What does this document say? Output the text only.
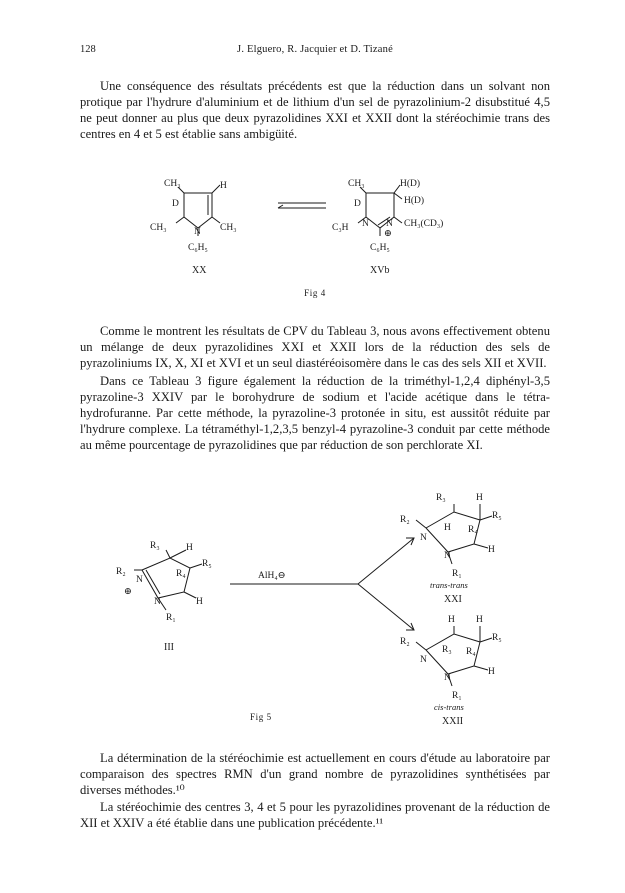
128	J. Elguero, R. Jacquier et D. Tizané

Une conséquence des résultats précédents est que la réduction dans un solvant non protique par l'hydrure d'aluminium et de lithium d'un sel de pyrazolinium-2 disubstitué 4,5 ne peut donner au plus que deux pyrazolidines XXI et XXII dont la stéréochimie trans des centres en 4 et 5 est établie sans ambigüité.

CH₃	H
D
N CH₃
CH₃
C₆H₅
XX
CH₃	H(D)
H(D)
D
N N
⊕
CH₃(CD₃)
C₃H
C₆H₅
XVb
Fig 4

Comme le montrent les résultats de CPV du Tableau 3, nous avons effectivement obtenu un mélange de deux pyrazolidines XXI et XXII lors de la réduction des sels de pyrazoliniums IX, X, XI et XVI et un seul diastéréoisomère dans le cas des sels XII et XVII.

Dans ce Tableau 3 figure également la réduction de la triméthyl-1,2,4 diphényl-3,5 pyrazoline-3 XXIV par le borohydrure de sodium et l'acide acétique dans le tétra-hydrofuranne. Par cette méthode, la pyrazoline-3 protonée in situ, est aussitôt réduite par l'hydrure complexe. La tétraméthyl-1,2,3,5 benzyl-4 pyrazoline-3 conduit par cette méthode au même pourcentage de pyrazolidines que par réduction de son perchlorate XI.

R₃	H
R₂
N
R₄
R₅
⊕
N	H
R₁
III
AlH₄⊖
R₃	H
R₂
H R₄
R₅
N
N
H
R₁
trans-trans
XXI
H H
R₂
R₃ R₄
R₅
N
N
H
R₁
cis-trans
XXII
Fig 5

La détermination de la stéréochimie est actuellement en cours d'étude au laboratoire par comparaison des spectres RMN d'un grand nombre de pyrazolidines synthétisées par diverses méthodes.¹⁰

La stéréochimie des centres 3, 4 et 5 pour les pyrazolidines provenant de la réduction de XII et XXIV a été établie dans une publication précédente.¹¹
